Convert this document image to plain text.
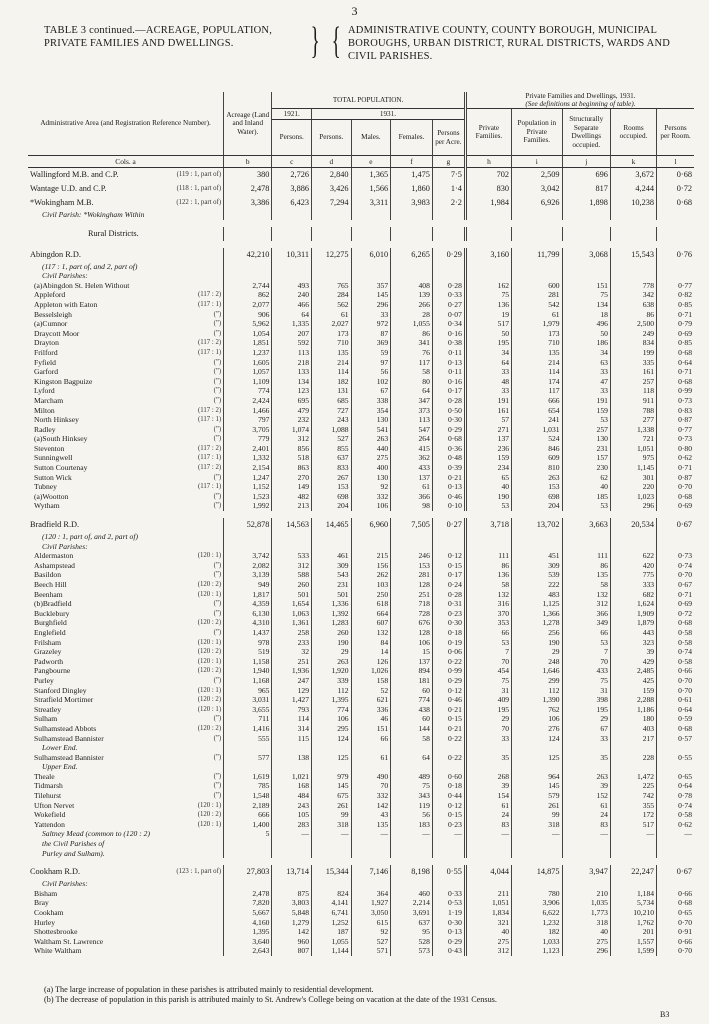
3
TABLE 3 continued.—ACREAGE, POPULATION, PRIVATE FAMILIES AND DWELLINGS.	} { ADMINISTRATIVE COUNTY, COUNTY BOROUGH, MUNICIPAL BOROUGHS, URBAN DISTRICT, RURAL DISTRICTS, WARDS AND CIVIL PARISHES.
Administrative Area (and Registration Reference Number).	Acreage (Land and Inland Water).	TOTAL POPULATION.					Private Families and Dwellings, 1931.
(See definitions at beginning of table).				
		1921.	1931.				Private Families.	Population in Private Families.	Structurally Separate Dwellings occupied.	Rooms occupied.	Persons per Room.
		Persons.	Persons.	Males.	Females.	Persons per Acre.					
Cols. a	b	c	d	e	f	g	h	i	j	k	l
Wallingford M.B. and C.P. (119 : 1, part of)	380	2,726	2,840	1,365	1,475	7·5	702	2,509	696	3,672	0·68
Wantage U.D. and C.P. (118 : 1, part of)	2,478	3,886	3,426	1,566	1,860	1·4	830	3,042	817	4,244	0·72
*Wokingham M.B. (122 : 1, part of)	3,386	6,423	7,294	3,311	3,983	2·2	1,984	6,926	1,898	10,238	0·68
Civil Parish: *Wokingham Within											

Rural Districts.											

Abingdon R.D.	42,210	10,311	12,275	6,010	6,265	0·29	3,160	11,799	3,068	15,543	0·76
(117 : 1, part of, and 2, part of)											
Civil Parishes:											
(a)Abingdon St. Helen Without	2,744	493	765	357	408	0·28	162	600	151	778	0·77
Appleford (117 : 2)	862	240	284	145	139	0·33	75	281	75	342	0·82
Appleton with Eaton (117 : 1)	2,077	466	562	296	266	0·27	136	542	134	638	0·85
Besselsleigh (”)	906	64	61	33	28	0·07	19	61	18	86	0·71
(a)Cumnor (”)	5,962	1,335	2,027	972	1,055	0·34	517	1,979	496	2,500	0·79
Draycott Moor (”)	1,054	207	173	87	86	0·16	50	173	50	249	0·69
Drayton (117 : 2)	1,851	592	710	369	341	0·38	195	710	186	834	0·85
Frilford (117 : 1)	1,237	113	135	59	76	0·11	34	135	34	199	0·68
Fyfield (”)	1,605	218	214	97	117	0·13	64	214	63	335	0·64
Garford (”)	1,057	133	114	56	58	0·11	33	114	33	161	0·71
Kingston Bagpuize (”)	1,109	134	182	102	80	0·16	48	174	47	257	0·68
Lyford (”)	774	123	131	67	64	0·17	33	117	33	118	0·99
Marcham (”)	2,424	695	685	338	347	0·28	191	666	191	911	0·73
Milton (117 : 2)	1,466	479	727	354	373	0·50	161	654	159	788	0·83
North Hinksey (117 : 1)	797	232	243	130	113	0·30	57	241	53	277	0·87
Radley (”)	3,705	1,074	1,088	541	547	0·29	271	1,031	257	1,338	0·77
(a)South Hinksey (”)	779	312	527	263	264	0·68	137	524	130	721	0·73
Steventon (117 : 2)	2,401	856	855	440	415	0·36	236	846	231	1,051	0·80
Sunningwell (117 : 1)	1,332	518	637	275	362	0·48	159	609	157	975	0·62
Sutton Courtenay (117 : 2)	2,154	863	833	400	433	0·39	234	810	230	1,145	0·71
Sutton Wick (”)	1,247	270	267	130	137	0·21	65	263	62	301	0·87
Tubney (117 : 1)	1,152	149	153	92	61	0·13	40	153	40	220	0·70
(a)Wootton (”)	1,523	482	698	332	366	0·46	190	698	185	1,023	0·68
Wytham (”)	1,992	213	204	106	98	0·10	53	204	53	296	0·69

Bradfield R.D.	52,878	14,563	14,465	6,960	7,505	0·27	3,718	13,702	3,663	20,534	0·67
(120 : 1, part of, and 2, part of)											
Civil Parishes:											
Aldermaston (120 : 1)	3,742	533	461	215	246	0·12	111	451	111	622	0·73
Ashampstead (”)	2,082	312	309	156	153	0·15	86	309	86	420	0·74
Basildon (”)	3,139	588	543	262	281	0·17	136	539	135	775	0·70
Beech Hill (120 : 2)	949	260	231	103	128	0·24	58	222	58	333	0·67
Beenham (120 : 1)	1,817	501	501	250	251	0·28	132	483	132	682	0·71
(b)Bradfield (”)	4,359	1,654	1,336	618	718	0·31	316	1,125	312	1,624	0·69
Bucklebury (”)	6,130	1,063	1,392	664	728	0·23	370	1,366	366	1,909	0·72
Burghfield (120 : 2)	4,310	1,361	1,283	607	676	0·30	353	1,278	349	1,879	0·68
Englefield (”)	1,437	258	260	132	128	0·18	66	256	66	443	0·58
Frilsham (120 : 1)	978	233	190	84	106	0·19	53	190	53	323	0·58
Grazeley (120 : 2)	519	32	29	14	15	0·06	7	29	7	39	0·74
Padworth (120 : 1)	1,158	251	263	126	137	0·22	70	248	70	429	0·58
Pangbourne (120 : 2)	1,940	1,936	1,920	1,026	894	0·99	454	1,646	433	2,485	0·66
Purley (”)	1,168	247	339	158	181	0·29	75	299	75	425	0·70
Stanford Dingley (120 : 1)	965	129	112	52	60	0·12	31	112	31	159	0·70
Stratfield Mortimer (120 : 2)	3,031	1,427	1,395	621	774	0·46	409	1,390	398	2,288	0·61
Streatley (120 : 1)	3,655	793	774	336	438	0·21	195	762	195	1,186	0·64
Sulham (”)	711	114	106	46	60	0·15	29	106	29	180	0·59
Sulhamstead Abbots (120 : 2)	1,416	314	295	151	144	0·21	70	276	67	403	0·68
Sulhamstead Bannister (”)	555	115	124	66	58	0·22	33	124	33	217	0·57
Lower End.											
Sulhamstead Bannister (”)	577	138	125	61	64	0·22	35	125	35	228	0·55
Upper End.											
Theale (”)	1,619	1,021	979	490	489	0·60	268	964	263	1,472	0·65
Tidmarsh (”)	785	168	145	70	75	0·18	39	145	39	225	0·64
Tilehurst (”)	1,548	484	675	332	343	0·44	154	579	152	742	0·78
Ufton Nervet (120 : 1)	2,189	243	261	142	119	0·12	61	261	61	355	0·74
Wokefield (120 : 2)	666	105	99	43	56	0·15	24	99	24	172	0·58
Yattendon (120 : 1)	1,400	283	318	135	183	0·23	83	318	83	517	0·62
Saltney Mead (common to (120 : 2)	5	—	—	—	—	—	—	—	—	—	—
the Civil Parishes of											
Purley and Sulham).											

Cookham R.D. (123 : 1, part of)	27,803	13,714	15,344	7,146	8,198	0·55	4,044	14,875	3,947	22,247	0·67
Civil Parishes:											
Bisham	2,478	875	824	364	460	0·33	211	780	210	1,184	0·66
Bray	7,820	3,803	4,141	1,927	2,214	0·53	1,051	3,906	1,035	5,734	0·68
Cookham	5,667	5,848	6,741	3,050	3,691	1·19	1,834	6,622	1,773	10,210	0·65
Hurley	4,160	1,279	1,252	615	637	0·30	321	1,232	318	1,762	0·70
Shottesbrooke	1,395	142	187	92	95	0·13	40	182	40	201	0·91
Waltham St. Lawrence	3,640	960	1,055	527	528	0·29	275	1,033	275	1,557	0·66
White Waltham	2,643	807	1,144	571	573	0·43	312	1,123	296	1,599	0·70
(a) The large increase of population in these parishes is attributed mainly to residential development.
(b) The decrease of population in this parish is attributed mainly to St. Andrew's College being on vacation at the date of the 1931 Census.
B3
